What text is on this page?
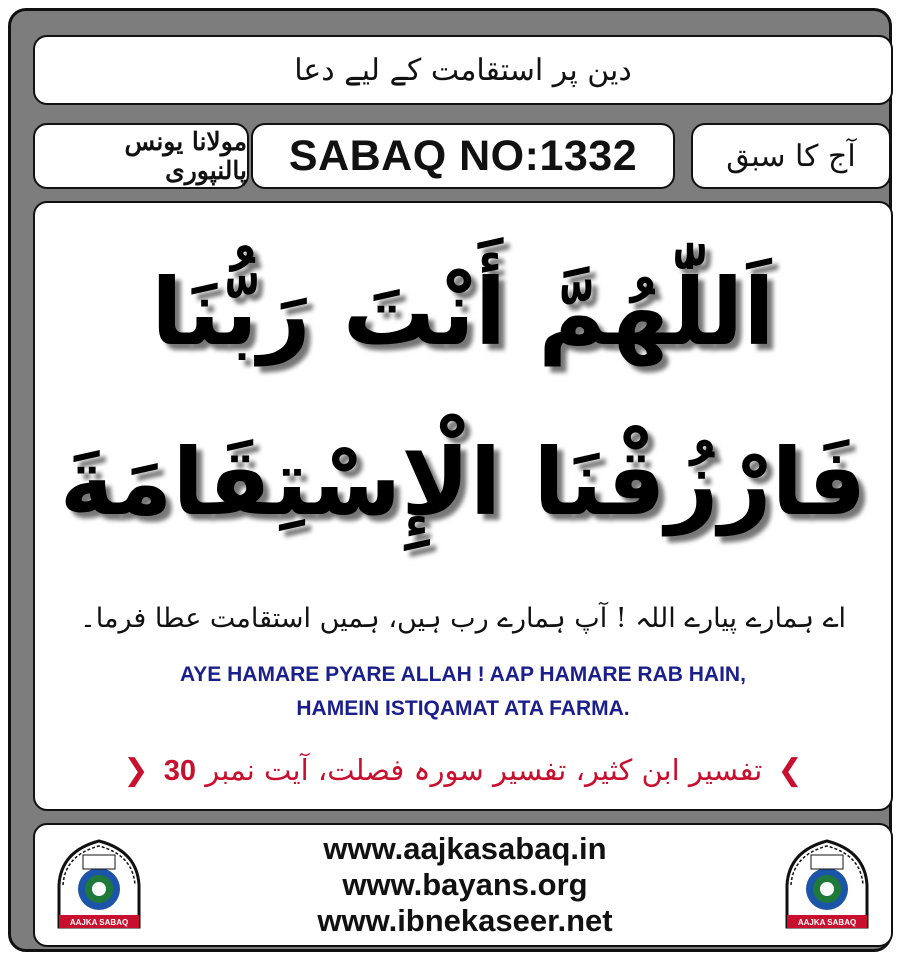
دین پر استقامت کے لیے دعا
مولانا یونس پالنپوری SABAQ NO:1332	آج کا سبق
اَللّٰهُمَّ أَنْتَ رَبُّنَا
فَارْزُقْنَا الْإِسْتِقَامَةَ
اے ہمارے پیارے اللہ ! آپ ہمارے رب ہیں، ہمیں استقامت عطا فرما۔
AYE HAMARE PYARE ALLAH ! AAP HAMARE RAB HAIN,
HAMEIN ISTIQAMAT ATA FARMA.
❯ تفسیر ابن کثیر، تفسیر سورہ فصلت، آیت نمبر 30	❮
AAJKA SABAQ
www.aajkasabaq.in
www.bayans.org
www.ibnekaseer.net	AAJKA SABAQ
